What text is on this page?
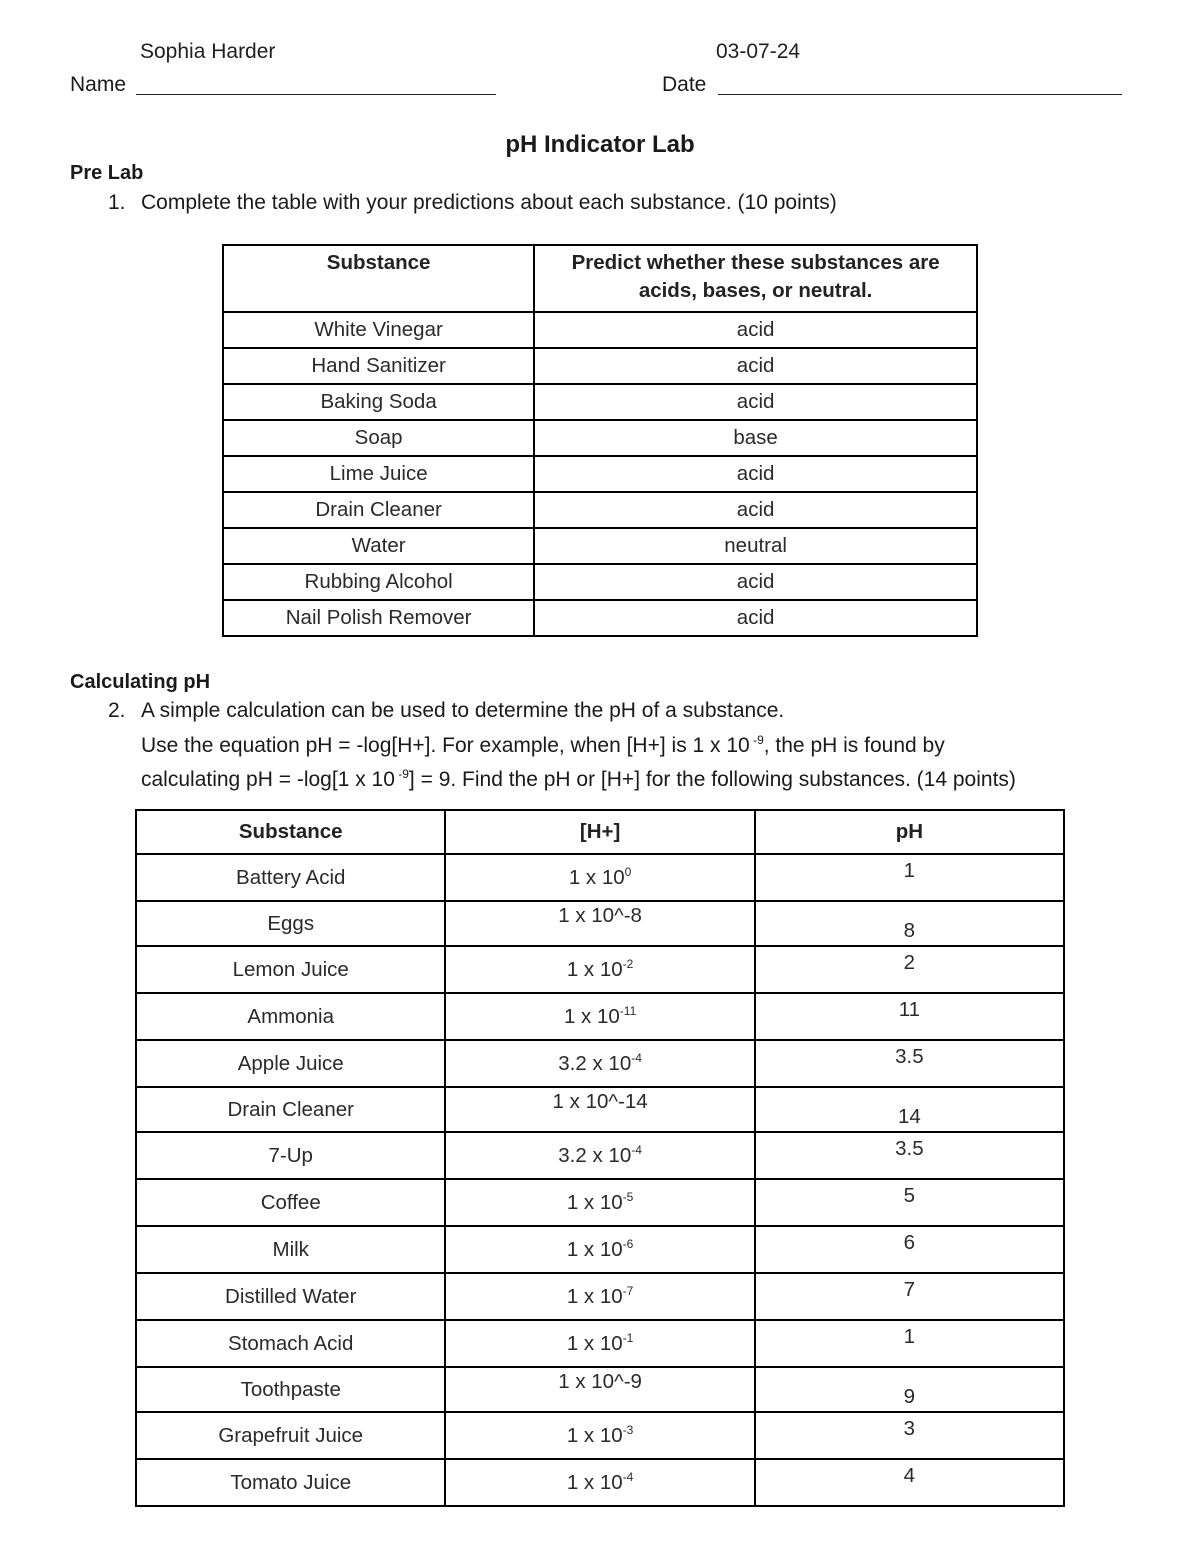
Sophia Harder	03-07-24
Name	Date
pH Indicator Lab
Pre Lab
1. Complete the table with your predictions about each substance. (10 points)
Substance	Predict whether these substances are
acids, bases, or neutral.
White Vinegar	acid
Hand Sanitizer	acid
Baking Soda	acid
Soap	base
Lime Juice	acid
Drain Cleaner	acid
Water	neutral
Rubbing Alcohol	acid
Nail Polish Remover	acid
Calculating pH
2. A simple calculation can be used to determine the pH of a substance.
Use the equation pH = -log[H+]. For example, when [H+] is 1 x 10 $^{-9}$, the pH is found by
calculating pH = -log[1 x 10 $^{-9}$] = 9. Find the pH or [H+] for the following substances. (14 points)
Substance	[H+]	pH
Battery Acid	1 x $10^0$	1
Eggs	1 x 10^-8	8
Lemon Juice	1 x $10^{-2}$	2
Ammonia	1 x $10^{-11}$	11
Apple Juice	3.2 x $10^{-4}$	3.5
Drain Cleaner	1 x 10^-14	14
7-Up	3.2 x $10^{-4}$	3.5
Coffee	1 x $10^{-5}$	5
Milk	1 x $10^{-6}$	6
Distilled Water	1 x $10^{-7}$	7
Stomach Acid	1 x $10^{-1}$	1
Toothpaste	1 x 10^-9	9
Grapefruit Juice	1 x $10^{-3}$	3
Tomato Juice	1 x $10^{-4}$	4
